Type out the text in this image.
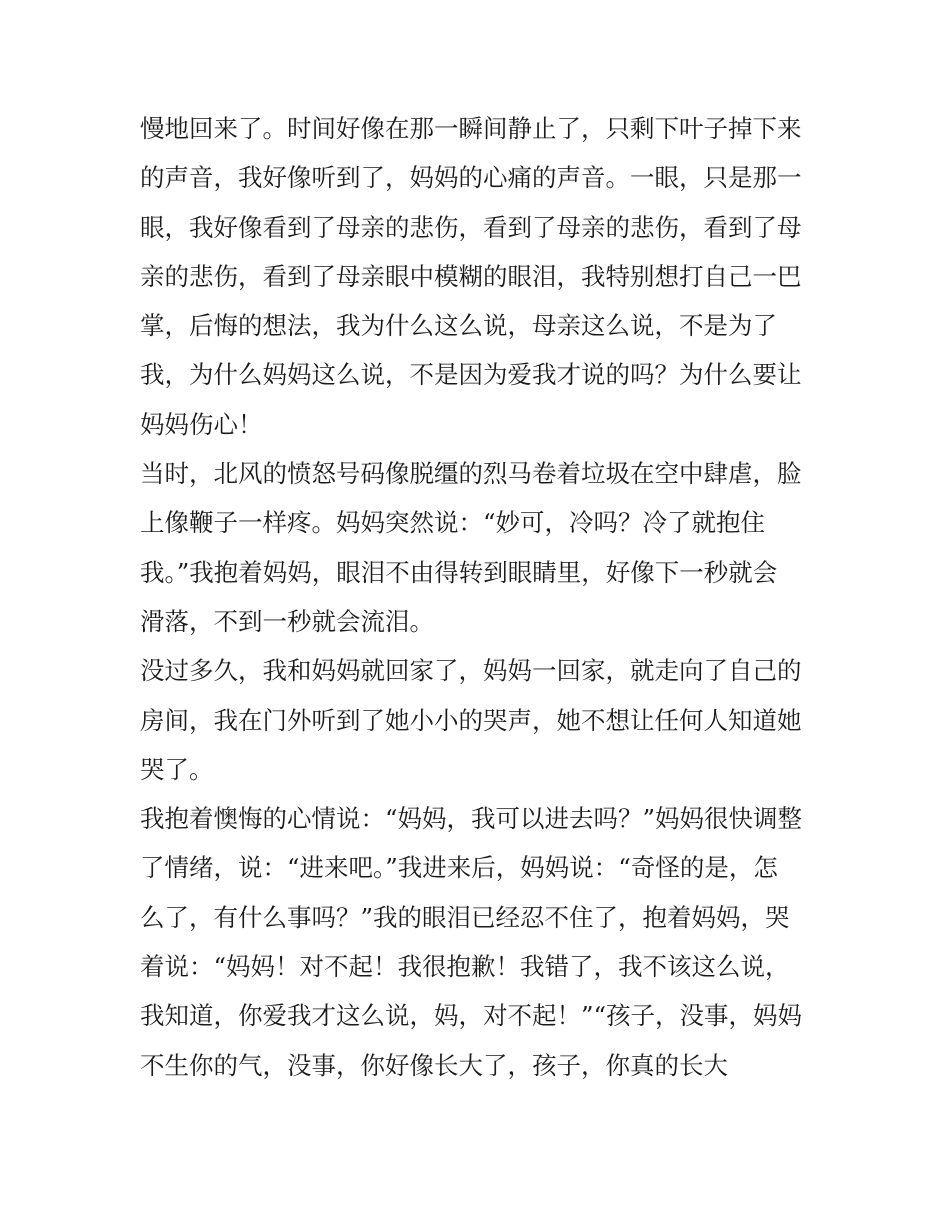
慢地回来了。时间好像在那一瞬间静止了，只剩下叶子掉下来
的声音，我好像听到了，妈妈的心痛的声音。一眼，只是那一
眼，我好像看到了母亲的悲伤，看到了母亲的悲伤，看到了母
亲的悲伤，看到了母亲眼中模糊的眼泪，我特别想打自己一巴
掌，后悔的想法，我为什么这么说，母亲这么说，不是为了
我，为什么妈妈这么说，不是因为爱我才说的吗？为什么要让
妈妈伤心！
当时，北风的愤怒号码像脱缰的烈马卷着垃圾在空中肆虐，脸
上像鞭子一样疼。妈妈突然说：“妙可，冷吗？冷了就抱住
我。”我抱着妈妈，眼泪不由得转到眼睛里，好像下一秒就会
滑落，不到一秒就会流泪。
没过多久，我和妈妈就回家了，妈妈一回家，就走向了自己的
房间，我在门外听到了她小小的哭声，她不想让任何人知道她
哭了。
我抱着懊悔的心情说：“妈妈，我可以进去吗？”妈妈很快调整
了情绪，说：“进来吧。”我进来后，妈妈说：“奇怪的是，怎
么了，有什么事吗？”我的眼泪已经忍不住了，抱着妈妈，哭
着说：“妈妈！对不起！我很抱歉！我错了，我不该这么说，
我知道，你爱我才这么说，妈，对不起！”“孩子，没事，妈妈
不生你的气，没事，你好像长大了，孩子，你真的长大
